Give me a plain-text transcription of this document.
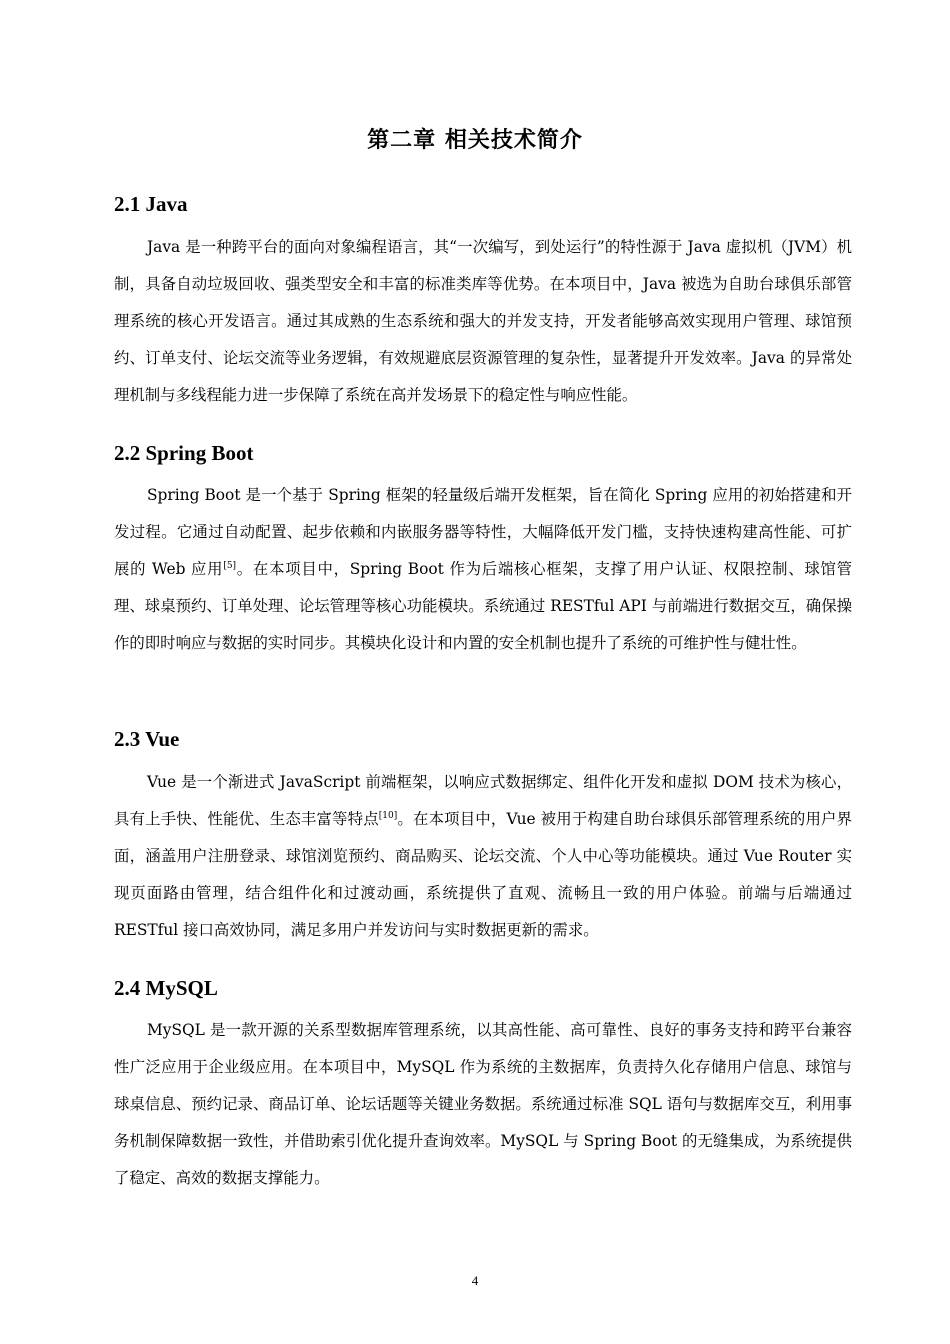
第二章 相关技术简介
2.1 Java

Java 是一种跨平台的面向对象编程语言，其“一次编写，到处运行”的特性源于 Java 虚拟机（JVM）机制，具备自动垃圾回收、强类型安全和丰富的标准类库等优势。在本项目中，Java 被选为自助台球俱乐部管理系统的核心开发语言。通过其成熟的生态系统和强大的并发支持，开发者能够高效实现用户管理、球馆预约、订单支付、论坛交流等业务逻辑，有效规避底层资源管理的复杂性，显著提升开发效率。Java 的异常处理机制与多线程能力进一步保障了系统在高并发场景下的稳定性与响应性能。

2.2 Spring Boot

Spring Boot 是一个基于 Spring 框架的轻量级后端开发框架，旨在简化 Spring 应用的初始搭建和开发过程。它通过自动配置、起步依赖和内嵌服务器等特性，大幅降低开发门槛，支持快速构建高性能、可扩展的 Web 应用[5]。在本项目中，Spring Boot 作为后端核心框架，支撑了用户认证、权限控制、球馆管理、球桌预约、订单处理、论坛管理等核心功能模块。系统通过 RESTful API 与前端进行数据交互，确保操作的即时响应与数据的实时同步。其模块化设计和内置的安全机制也提升了系统的可维护性与健壮性。

2.3 Vue

Vue 是一个渐进式 JavaScript 前端框架，以响应式数据绑定、组件化开发和虚拟 DOM 技术为核心，具有上手快、性能优、生态丰富等特点[10]。在本项目中，Vue 被用于构建自助台球俱乐部管理系统的用户界面，涵盖用户注册登录、球馆浏览预约、商品购买、论坛交流、个人中心等功能模块。通过 Vue Router 实现页面路由管理，结合组件化和过渡动画，系统提供了直观、流畅且一致的用户体验。前端与后端通过 RESTful 接口高效协同，满足多用户并发访问与实时数据更新的需求。

2.4 MySQL

MySQL 是一款开源的关系型数据库管理系统，以其高性能、高可靠性、良好的事务支持和跨平台兼容性广泛应用于企业级应用。在本项目中，MySQL 作为系统的主数据库，负责持久化存储用户信息、球馆与球桌信息、预约记录、商品订单、论坛话题等关键业务数据。系统通过标准 SQL 语句与数据库交互，利用事务机制保障数据一致性，并借助索引优化提升查询效率。MySQL 与 Spring Boot 的无缝集成，为系统提供了稳定、高效的数据支撑能力。

4
